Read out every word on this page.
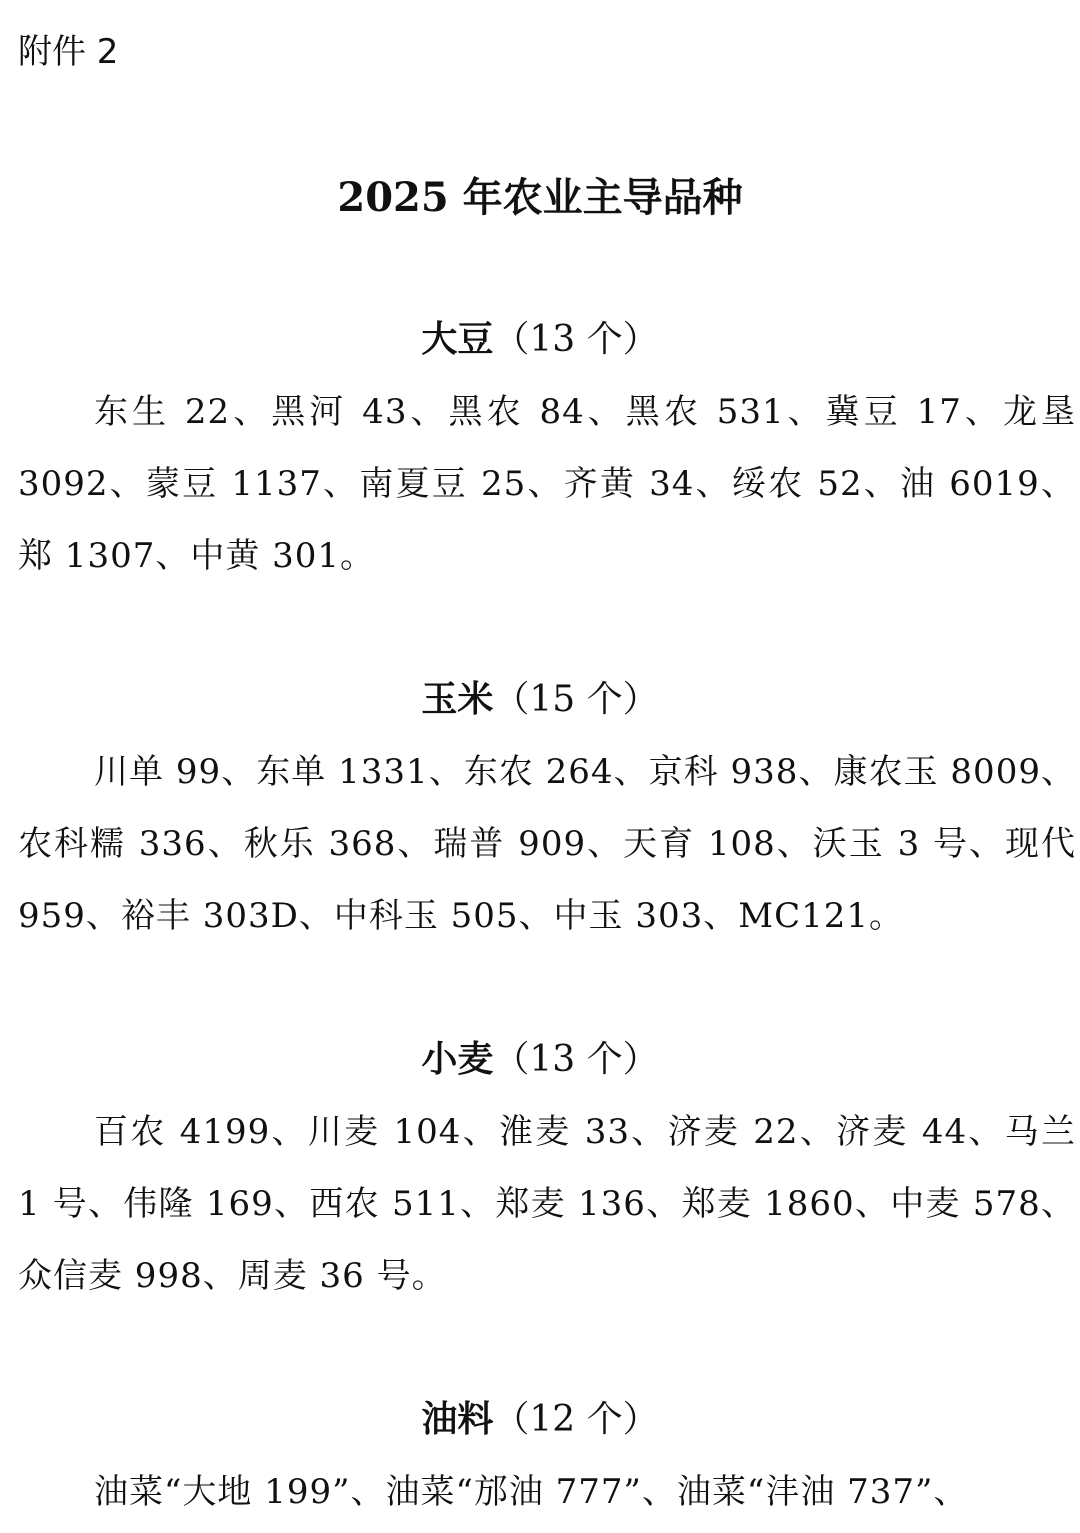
附件 2
2025 年农业主导品种
大豆（13 个）

东生 22、黑河 43、黑农 84、黑农 531、冀豆 17、龙垦 3092、蒙豆 1137、南夏豆 25、齐黄 34、绥农 52、油 6019、郑 1307、中黄 301。

玉米（15 个）

川单 99、东单 1331、东农 264、京科 938、康农玉 8009、农科糯 336、秋乐 368、瑞普 909、天育 108、沃玉 3 号、现代 959、裕丰 303D、中科玉 505、中玉 303、MC121。

小麦（13 个）

百农 4199、川麦 104、淮麦 33、济麦 22、济麦 44、马兰 1 号、伟隆 169、西农 511、郑麦 136、郑麦 1860、中麦 578、众信麦 998、周麦 36 号。

油料（12 个）

油菜“大地 199”、油菜“邡油 777”、油菜“沣油 737”、
